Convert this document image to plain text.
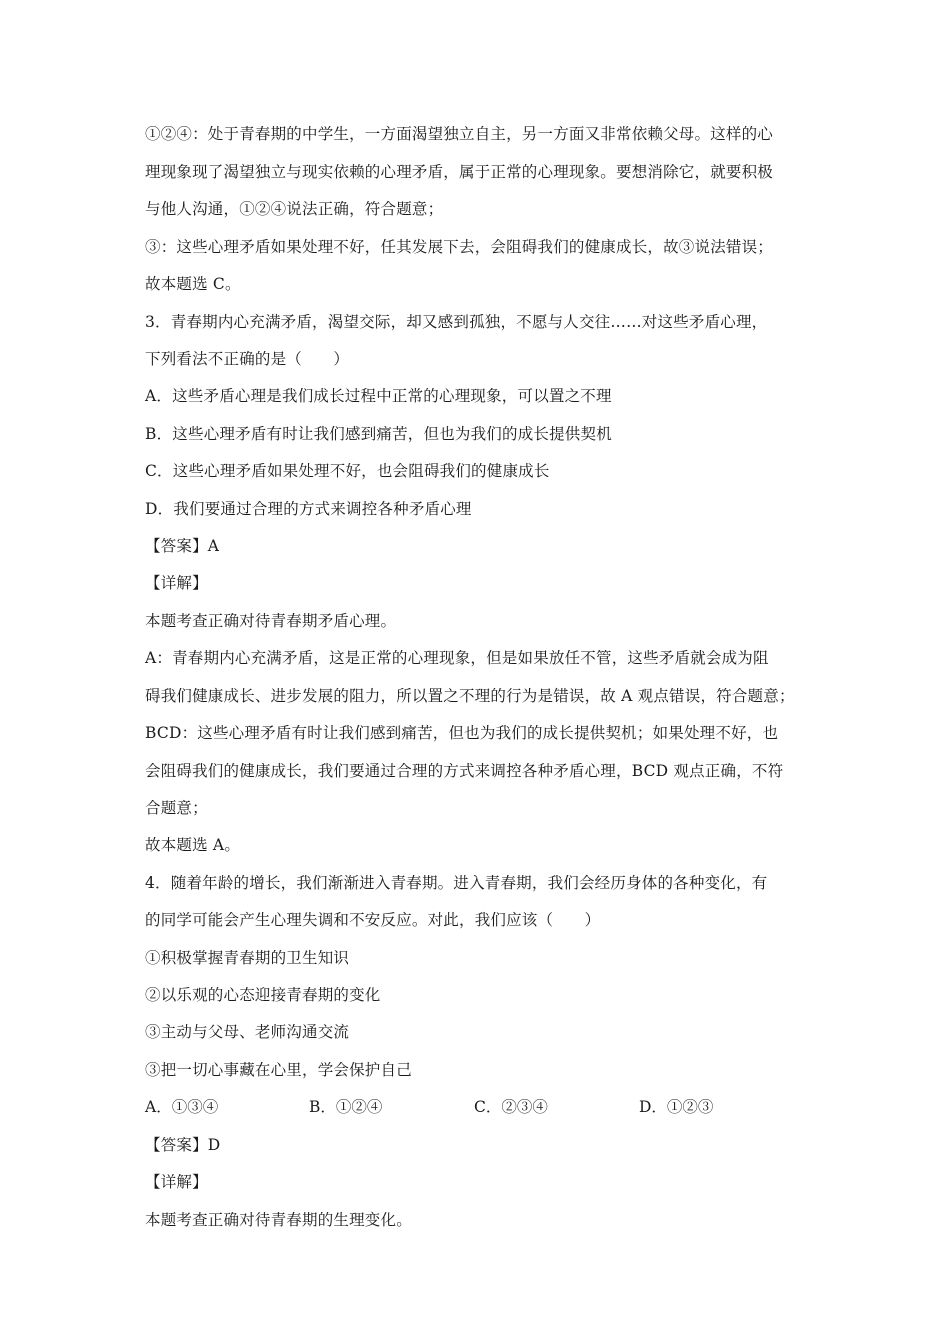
①②④：处于青春期的中学生，一方面渴望独立自主，另一方面又非常依赖父母。这样的心
理现象现了渴望独立与现实依赖的心理矛盾，属于正常的心理现象。要想消除它，就要积极
与他人沟通，①②④说法正确，符合题意；
③：这些心理矛盾如果处理不好，任其发展下去，会阻碍我们的健康成长，故③说法错误；
故本题选 C。
3．青春期内心充满矛盾，渴望交际，却又感到孤独，不愿与人交往……对这些矛盾心理，
下列看法不正确的是（　　）
A．这些矛盾心理是我们成长过程中正常的心理现象，可以置之不理
B．这些心理矛盾有时让我们感到痛苦，但也为我们的成长提供契机
C．这些心理矛盾如果处理不好，也会阻碍我们的健康成长
D．我们要通过合理的方式来调控各种矛盾心理
【答案】A
【详解】
本题考查正确对待青春期矛盾心理。
A：青春期内心充满矛盾，这是正常的心理现象，但是如果放任不管，这些矛盾就会成为阻
碍我们健康成长、进步发展的阻力，所以置之不理的行为是错误，故 A 观点错误，符合题意；
BCD：这些心理矛盾有时让我们感到痛苦，但也为我们的成长提供契机；如果处理不好，也
会阻碍我们的健康成长，我们要通过合理的方式来调控各种矛盾心理，BCD 观点正确，不符
合题意；
故本题选 A。
4．随着年龄的增长，我们渐渐进入青春期。进入青春期，我们会经历身体的各种变化，有
的同学可能会产生心理失调和不安反应。对此，我们应该（　　）
①积极掌握青春期的卫生知识
②以乐观的心态迎接青春期的变化
③主动与父母、老师沟通交流
③把一切心事藏在心里，学会保护自己
A．①③④	B．①②④	C．②③④	D．①②③
【答案】D
【详解】
本题考查正确对待青春期的生理变化。
